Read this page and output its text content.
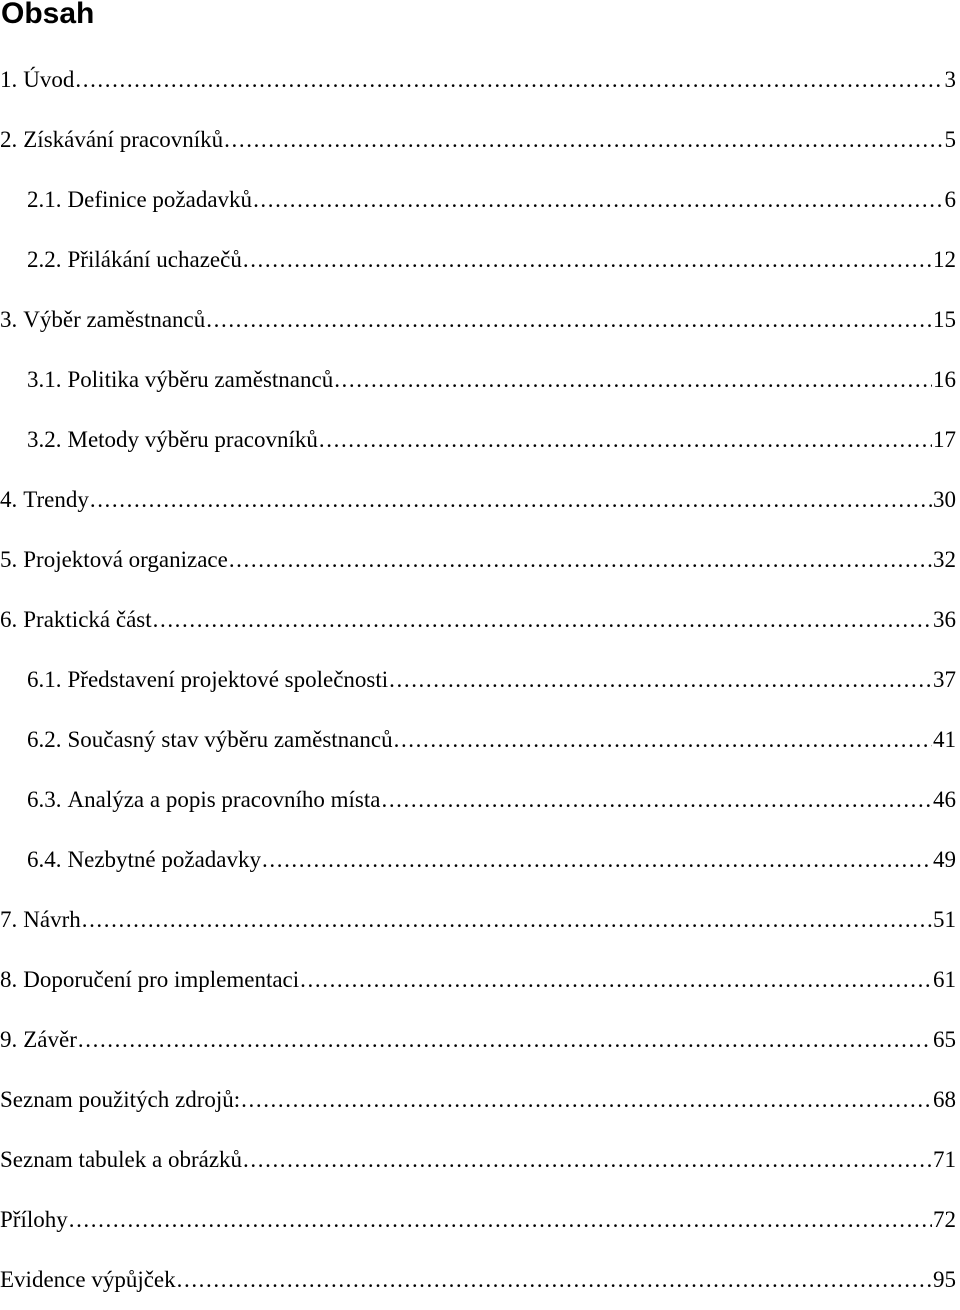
Obsah
1. Úvod .....	3
2. Získávání pracovníků .....	5
2.1. Definice požadavků .....	6
2.2. Přilákání uchazečů .....	12
3. Výběr zaměstnanců .....	15
3.1. Politika výběru zaměstnanců .....	16
3.2. Metody výběru pracovníků .....	17
4. Trendy .....	30
5. Projektová organizace .....	32
6. Praktická část .....	36
6.1. Představení projektové společnosti .....	37
6.2. Současný stav výběru zaměstnanců .....	41
6.3. Analýza a popis pracovního místa .....	46
6.4. Nezbytné požadavky .....	49
7. Návrh .....	51
8. Doporučení pro implementaci .....	61
9. Závěr .....	65
Seznam použitých zdrojů: .....	68
Seznam tabulek a obrázků .....	71
Přílohy .....	72
Evidence výpůjček .....	95
